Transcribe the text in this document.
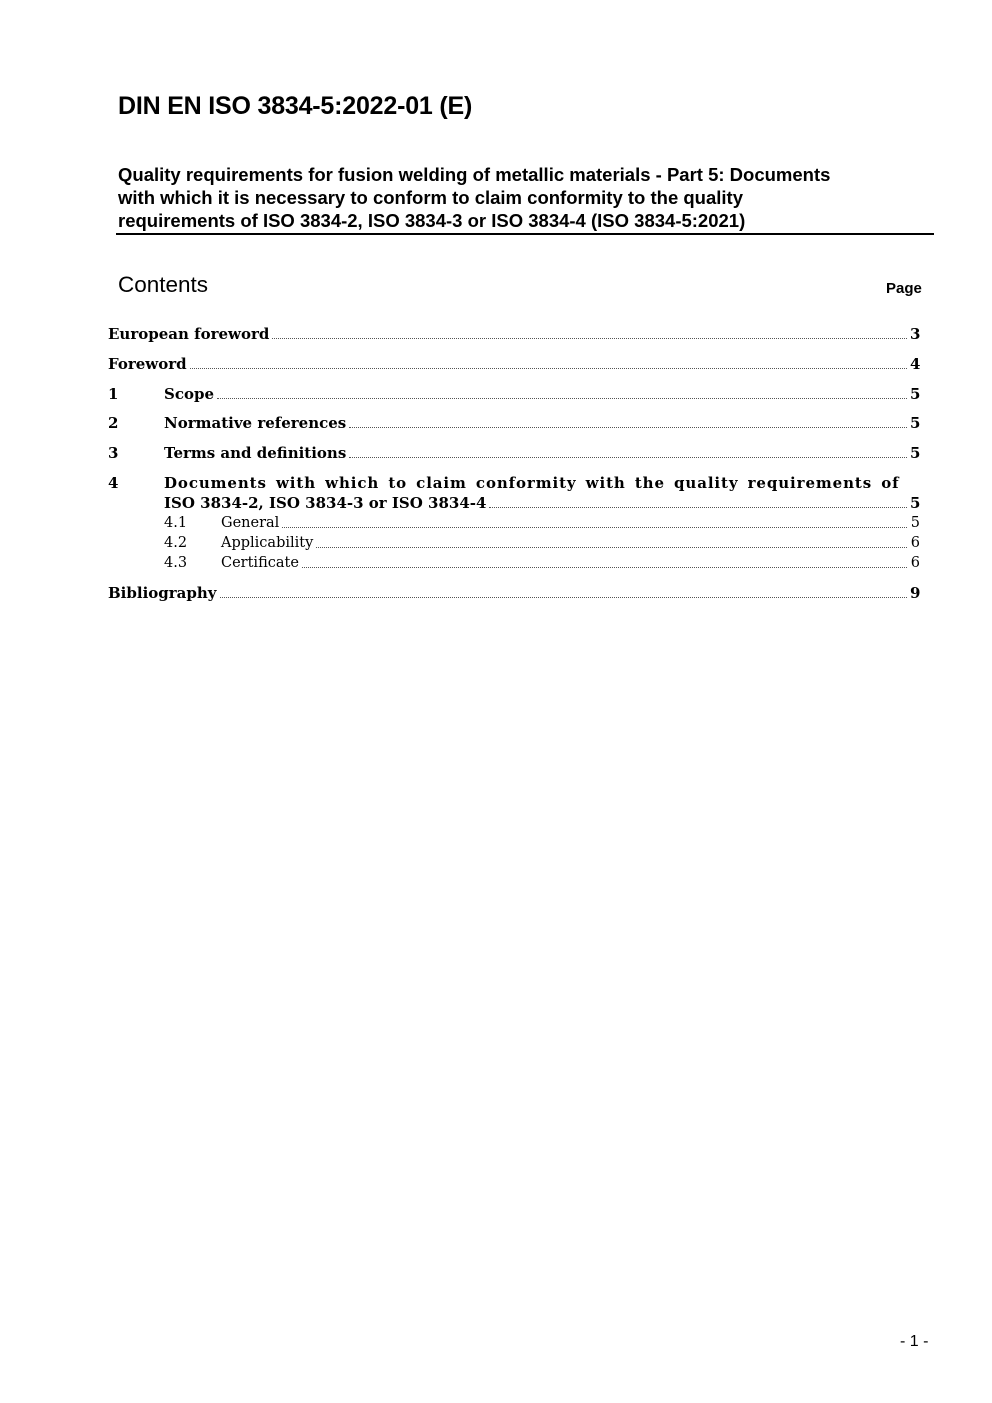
DIN EN ISO 3834-5:2022-01 (E)
Quality requirements for fusion welding of metallic materials - Part 5: Documents
with which it is necessary to conform to claim conformity to the quality
requirements of ISO 3834-2, ISO 3834-3 or ISO 3834-4 (ISO 3834-5:2021)
Contents	Page
European foreword	3
Foreword	4
1	Scope	5
2	Normative references	5
3	Terms and definitions	5
4	Documents with which to claim conformity with the quality requirements of
ISO 3834-2, ISO 3834-3 or ISO 3834-4	5
4.1 General	5
4.2 Applicability	6
4.3 Certificate	6
Bibliography	9
- 1 -
